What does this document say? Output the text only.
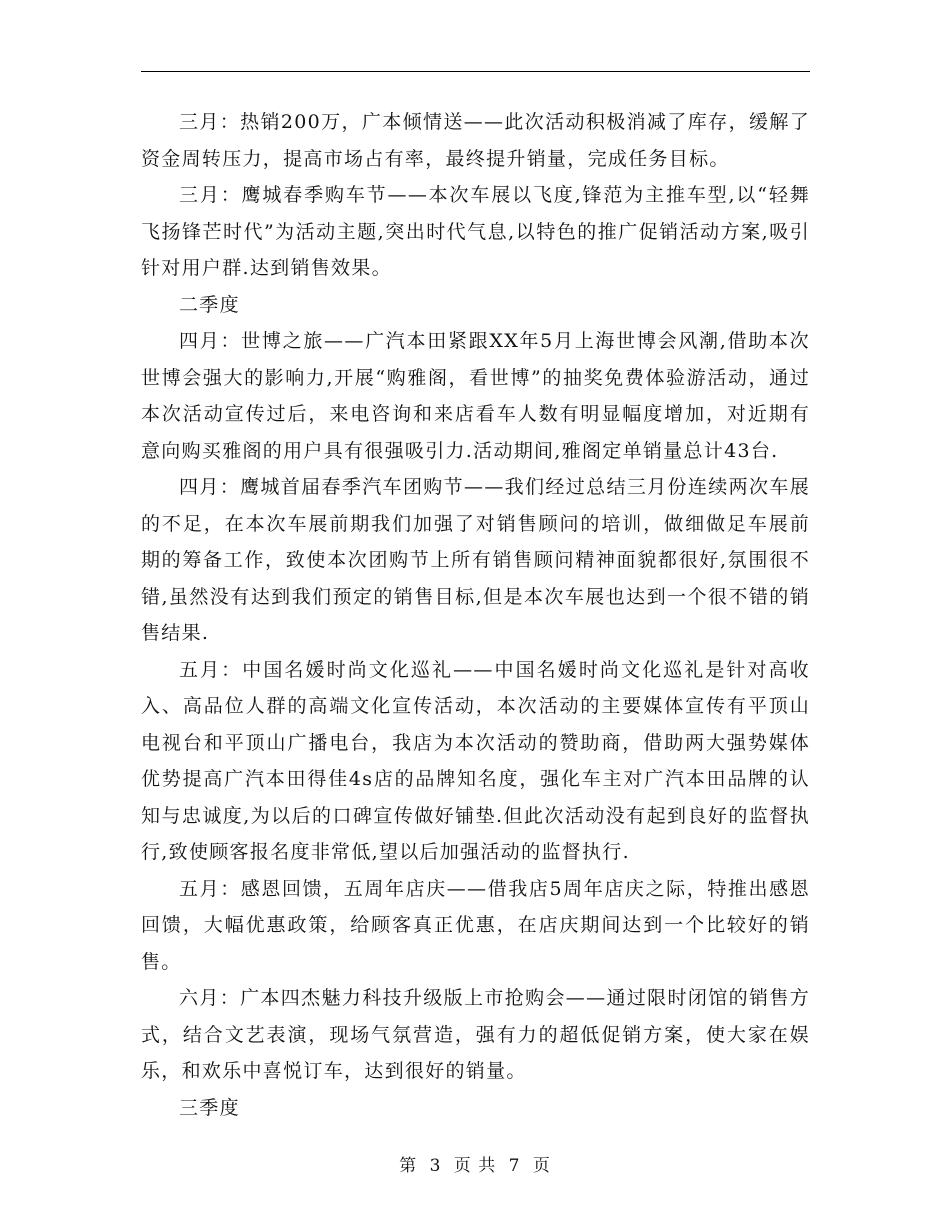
三月：热销200万，广本倾情送——此次活动积极消减了库存，缓解了资金周转压力，提高市场占有率，最终提升销量，完成任务目标。

三月：鹰城春季购车节——本次车展以飞度,锋范为主推车型,以“轻舞飞扬锋芒时代”为活动主题,突出时代气息,以特色的推广促销活动方案,吸引针对用户群.达到销售效果。

二季度

四月：世博之旅——广汽本田紧跟XX年5月上海世博会风潮,借助本次世博会强大的影响力,开展“购雅阁，看世博”的抽奖免费体验游活动，通过本次活动宣传过后，来电咨询和来店看车人数有明显幅度增加，对近期有意向购买雅阁的用户具有很强吸引力.活动期间,雅阁定单销量总计43台.

四月：鹰城首届春季汽车团购节——我们经过总结三月份连续两次车展的不足，在本次车展前期我们加强了对销售顾问的培训，做细做足车展前期的筹备工作，致使本次团购节上所有销售顾问精神面貌都很好,氛围很不错,虽然没有达到我们预定的销售目标,但是本次车展也达到一个很不错的销售结果.

五月：中国名媛时尚文化巡礼——中国名媛时尚文化巡礼是针对高收入、高品位人群的高端文化宣传活动，本次活动的主要媒体宣传有平顶山电视台和平顶山广播电台，我店为本次活动的赞助商，借助两大强势媒体优势提高广汽本田得佳4s店的品牌知名度，强化车主对广汽本田品牌的认知与忠诚度,为以后的口碑宣传做好铺垫.但此次活动没有起到良好的监督执行,致使顾客报名度非常低,望以后加强活动的监督执行.

五月：感恩回馈，五周年店庆——借我店5周年店庆之际，特推出感恩回馈，大幅优惠政策，给顾客真正优惠，在店庆期间达到一个比较好的销售。

六月：广本四杰魅力科技升级版上市抢购会——通过限时闭馆的销售方式，结合文艺表演，现场气氛营造，强有力的超低促销方案，使大家在娱乐，和欢乐中喜悦订车，达到很好的销量。

三季度

第 3 页 共 7 页
